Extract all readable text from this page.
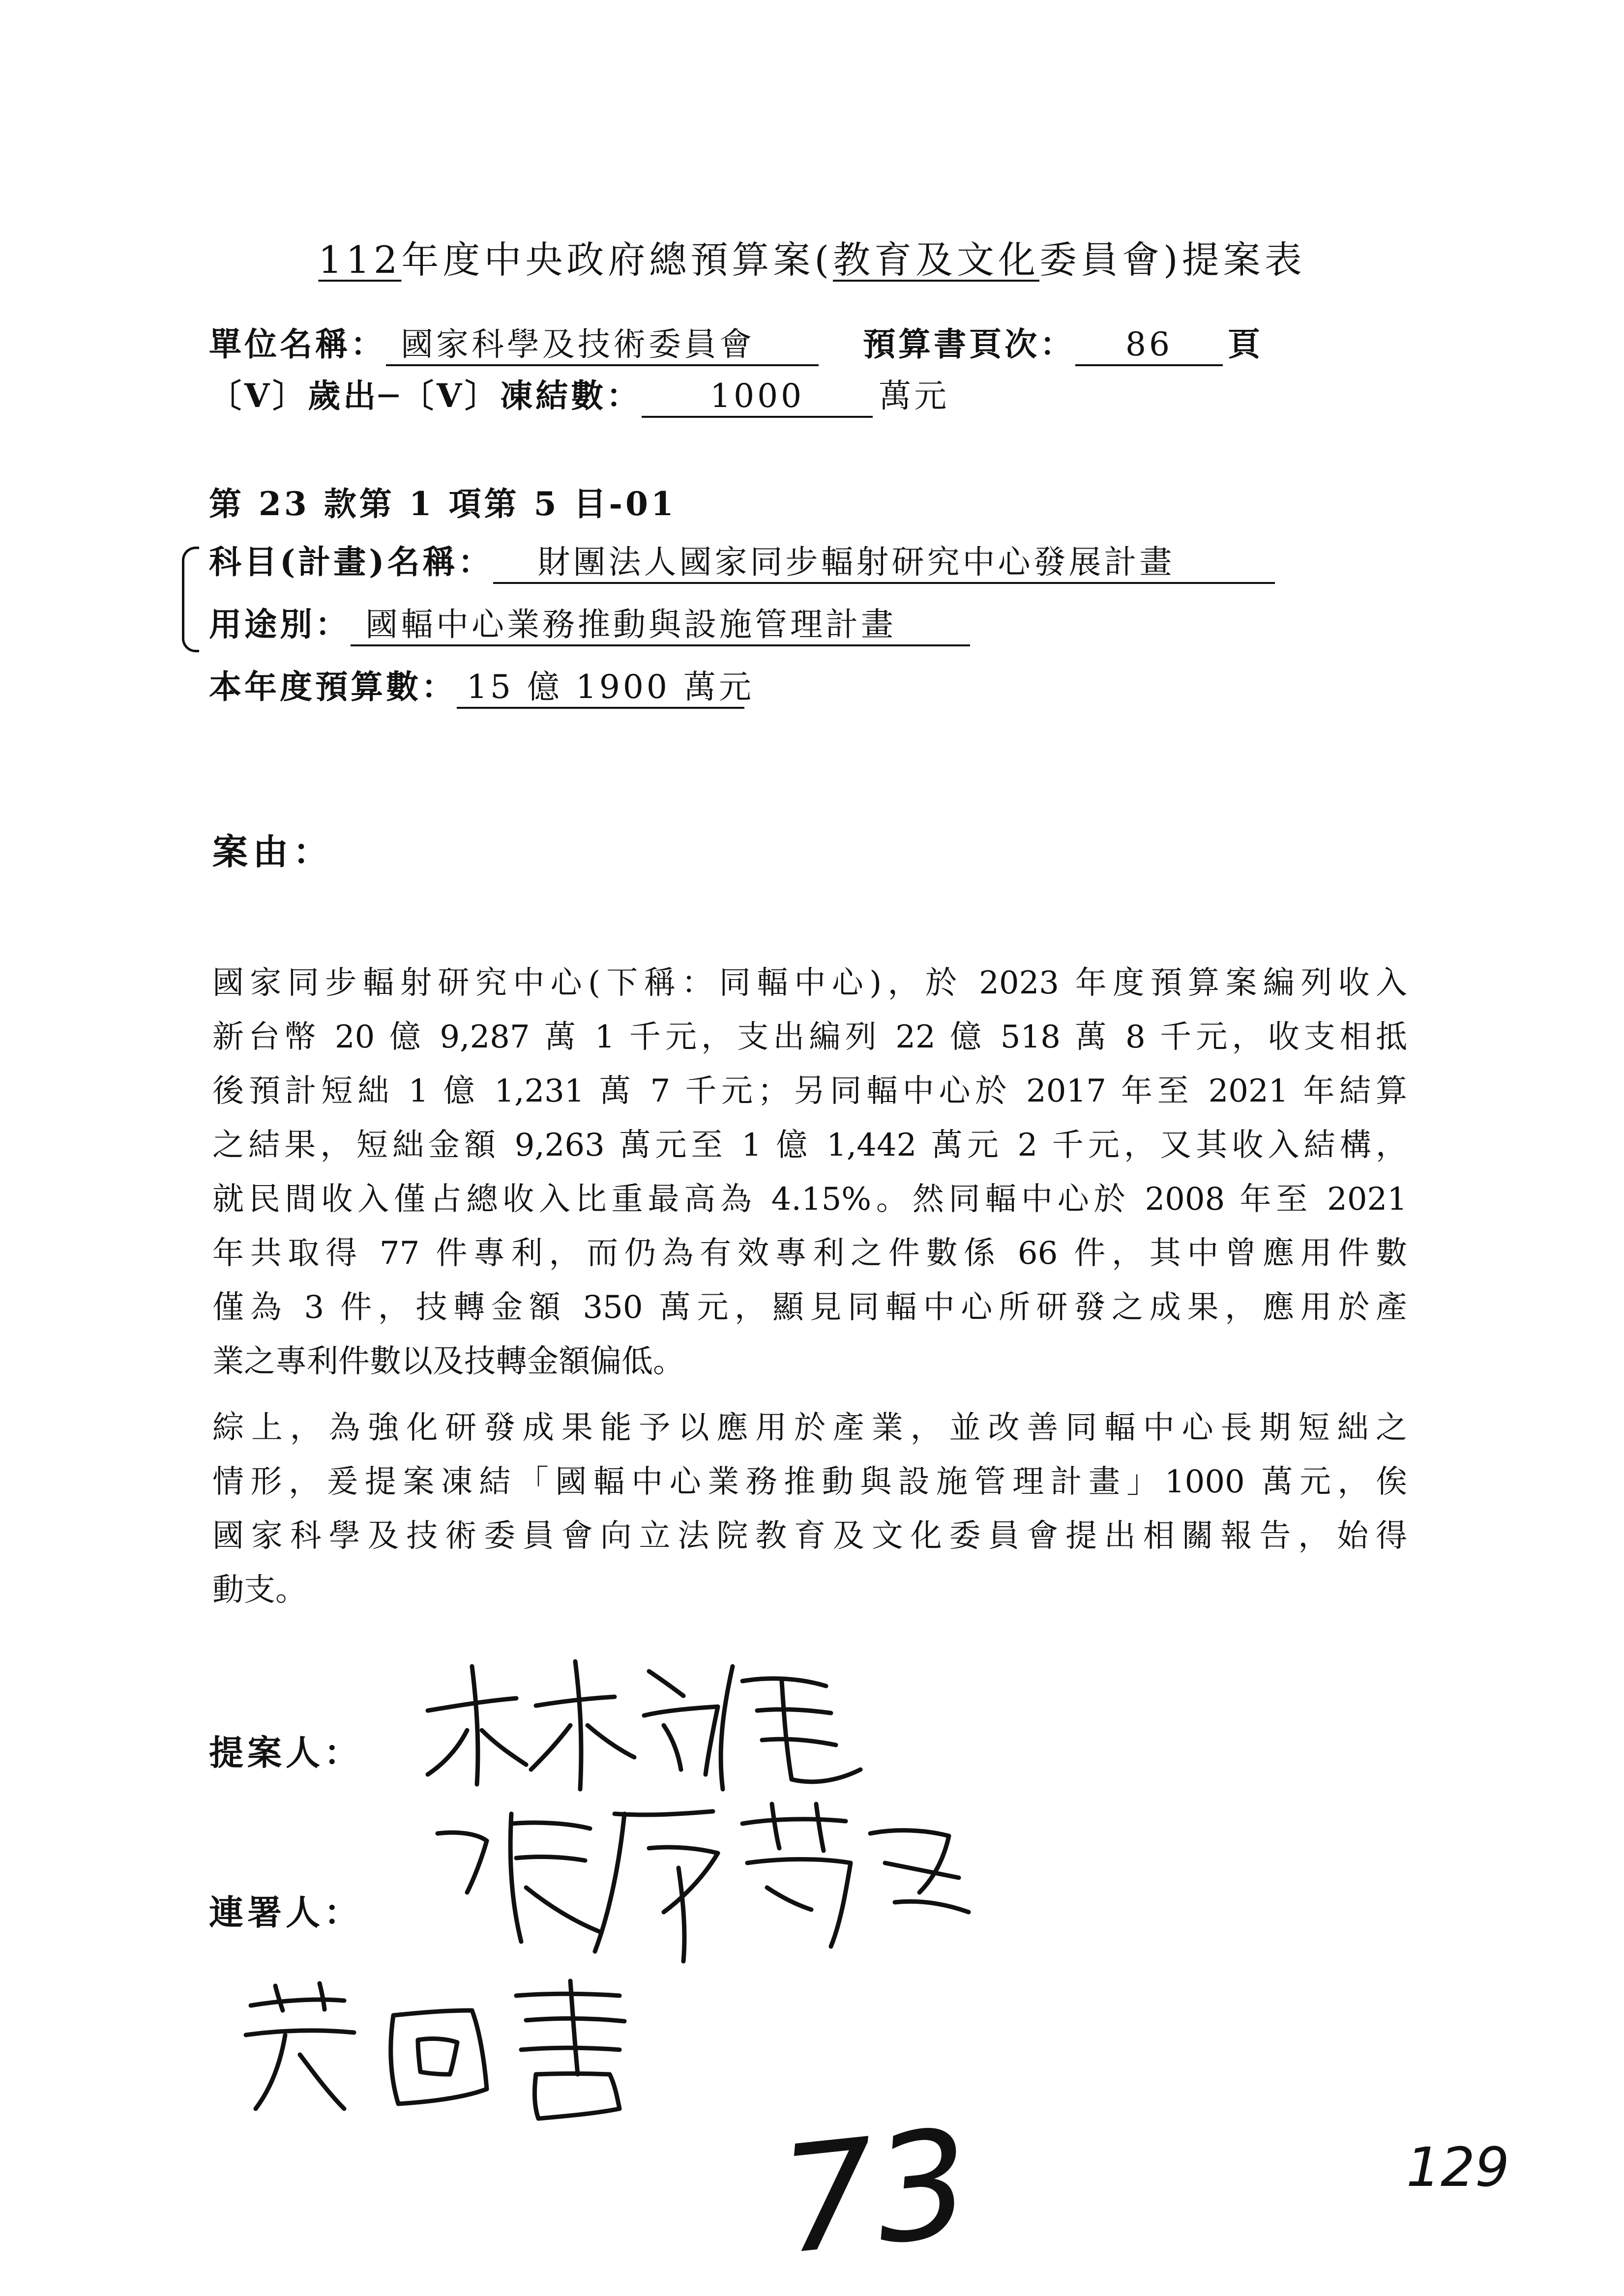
112年度中央政府總預算案(教育及文化委員會)提案表
單位名稱： 國家科學及技術委員會	預算書頁次： 86 頁
〔V〕歲出─〔V〕凍結數： 1000 萬元
第 23 款第 1 項第 5 目-01
科目(計畫)名稱： 財團法人國家同步輻射研究中心發展計畫
用途別： 國輻中心業務推動與設施管理計畫
本年度預算數： 15 億 1900 萬元
案由：
國家同步輻射研究中心(下稱：同輻中心)，於 2023 年度預算案編列收入
新台幣 20 億 9,287 萬 1 千元，支出編列 22 億 518 萬 8 千元，收支相抵
後預計短絀 1 億 1,231 萬 7 千元；另同輻中心於 2017 年至 2021 年結算
之結果，短絀金額 9,263 萬元至 1 億 1,442 萬元 2 千元，又其收入結構，
就民間收入僅占總收入比重最高為 4.15%。然同輻中心於 2008 年至 2021
年共取得 77 件專利，而仍為有效專利之件數係 66 件，其中曾應用件數
僅為 3 件，技轉金額 350 萬元，顯見同輻中心所研發之成果，應用於產
業之專利件數以及技轉金額偏低。
綜上，為強化研發成果能予以應用於產業，並改善同輻中心長期短絀之
情形，爰提案凍結「國輻中心業務推動與設施管理計畫」1000 萬元，俟
國家科學及技術委員會向立法院教育及文化委員會提出相關報告，始得
動支。
提案人：
連署人：
73	129
